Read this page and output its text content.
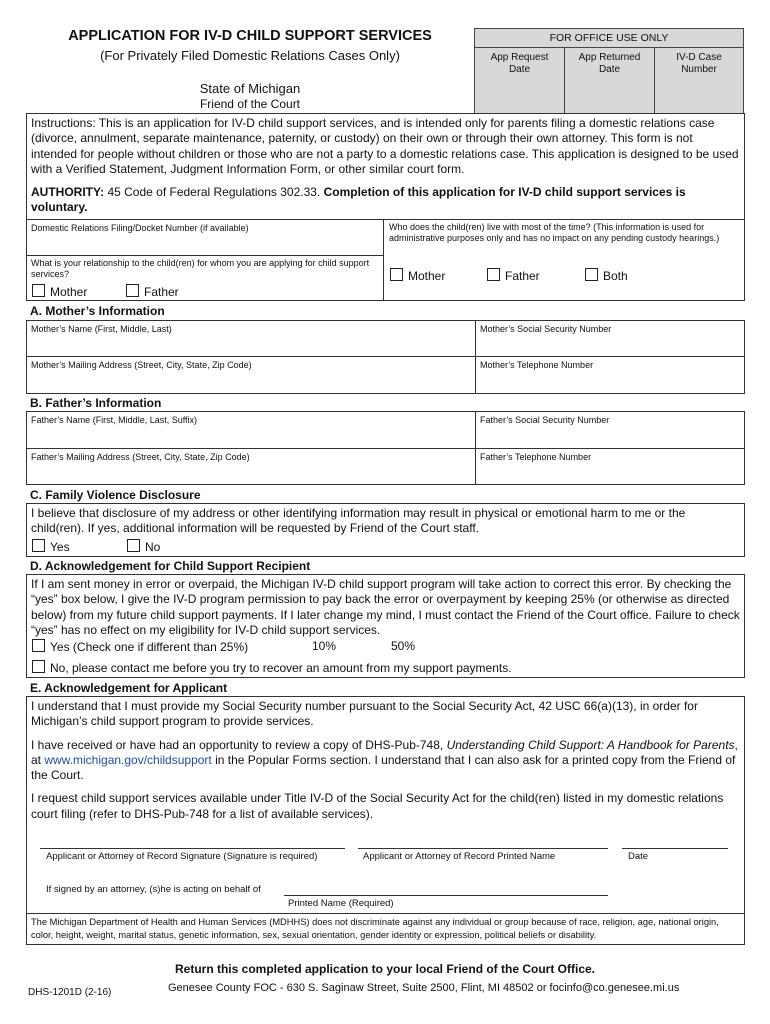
APPLICATION FOR IV-D CHILD SUPPORT SERVICES
(For Privately Filed Domestic Relations Cases Only)
State of Michigan
Friend of the Court
FOR OFFICE USE ONLY
App Request
Date
App Returned
Date
IV-D Case
Number
Instructions: This is an application for IV-D child support services, and is intended only for parents filing a domestic relations case (divorce, annulment, separate maintenance, paternity, or custody) on their own or through their own attorney. This form is not intended for people without children or those who are not a party to a domestic relations case. This application is designed to be used with a Verified Statement, Judgment Information Form, or other similar court form.
AUTHORITY: 45 Code of Federal Regulations 302.33. Completion of this application for IV-D child support services is voluntary.
Domestic Relations Filing/Docket Number (if available)
What is your relationship to the child(ren) for whom you are applying for child support services?
Mother	Father
Who does the child(ren) live with most of the time? (This information is used for administrative purposes only and has no impact on any pending custody hearings.)
Mother	Father	Both
A. Mother’s Information
Mother’s Name (First, Middle, Last)	Mother’s Social Security Number
Mother’s Mailing Address (Street, City, State, Zip Code)	Mother’s Telephone Number
B. Father’s Information
Father’s Name (First, Middle, Last, Suffix)	Father’s Social Security Number
Father’s Mailing Address (Street, City, State, Zip Code)	Father’s Telephone Number
C. Family Violence Disclosure
I believe that disclosure of my address or other identifying information may result in physical or emotional harm to me or the child(ren). If yes, additional information will be requested by Friend of the Court staff.
Yes	No
D. Acknowledgement for Child Support Recipient
If I am sent money in error or overpaid, the Michigan IV-D child support program will take action to correct this error. By checking the “yes” box below, I give the IV-D program permission to pay back the error or overpayment by keeping 25% (or otherwise as directed below) from my future child support payments. If I later change my mind, I must contact the Friend of the Court office. Failure to check “yes” has no effect on my eligibility for IV-D child support services.
Yes (Check one if different than 25%)	10%	50%
No, please contact me before you try to recover an amount from my support payments.
E. Acknowledgement for Applicant
I understand that I must provide my Social Security number pursuant to the Social Security Act, 42 USC 66(a)(13), in order for Michigan’s child support program to provide services.
I have received or have had an opportunity to review a copy of DHS-Pub-748, Understanding Child Support: A Handbook for Parents, at www.michigan.gov/childsupport in the Popular Forms section. I understand that I can also ask for a printed copy from the Friend of the Court.
I request child support services available under Title IV-D of the Social Security Act for the child(ren) listed in my domestic relations court filing (refer to DHS-Pub-748 for a list of available services).
Applicant or Attorney of Record Signature (Signature is required)	Applicant or Attorney of Record Printed Name	Date
If signed by an attorney, (s)he is acting on behalf of
Printed Name (Required)
The Michigan Department of Health and Human Services (MDHHS) does not discriminate against any individual or group because of race, religion, age, national origin, color, height, weight, marital status, genetic information, sex, sexual orientation, gender identity or expression, political beliefs or disability.
Return this completed application to your local Friend of the Court Office.
DHS-1201D (2-16)	Genesee County FOC - 630 S. Saginaw Street, Suite 2500, Flint, MI 48502 or focinfo@co.genesee.mi.us
